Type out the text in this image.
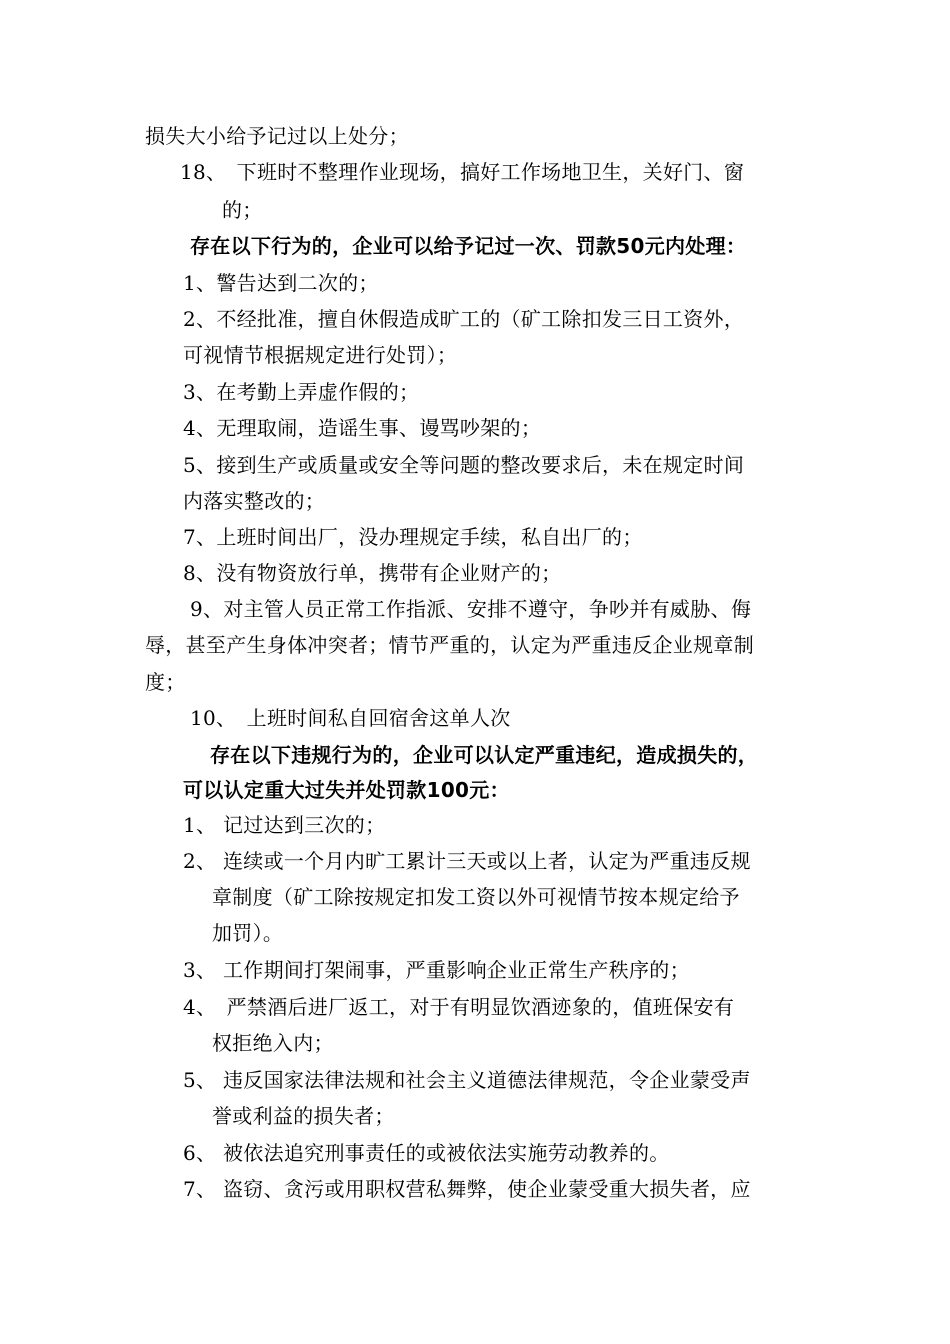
损失大小给予记过以上处分；
18、　下班时不整理作业现场，搞好工作场地卫生，关好门、窗
的；
存在以下行为的，企业可以给予记过一次、罚款50元内处理：
1、警告达到二次的；
2、不经批准，擅自休假造成旷工的（矿工除扣发三日工资外，
可视情节根据规定进行处罚）；
3、在考勤上弄虚作假的；
4、无理取闹，造谣生事、谩骂吵架的；
5、接到生产或质量或安全等问题的整改要求后，未在规定时间
内落实整改的；
7、上班时间出厂，没办理规定手续，私自出厂的；
8、没有物资放行单，携带有企业财产的；
9、对主管人员正常工作指派、安排不遵守，争吵并有威胁、侮
辱，甚至产生身体冲突者；情节严重的，认定为严重违反企业规章制
度；
10、　上班时间私自回宿舍这单人次
存在以下违规行为的，企业可以认定严重违纪，造成损失的，
可以认定重大过失并处罚款100元：
1、 记过达到三次的；
2、 连续或一个月内旷工累计三天或以上者，认定为严重违反规
章制度（矿工除按规定扣发工资以外可视情节按本规定给予
加罚）。
3、 工作期间打架闹事，严重影响企业正常生产秩序的；
4、　严禁酒后进厂返工，对于有明显饮酒迹象的，值班保安有
权拒绝入内；
5、 违反国家法律法规和社会主义道德法律规范，令企业蒙受声
誉或利益的损失者；
6、 被依法追究刑事责任的或被依法实施劳动教养的。
7、 盗窃、贪污或用职权营私舞弊，使企业蒙受重大损失者，应
